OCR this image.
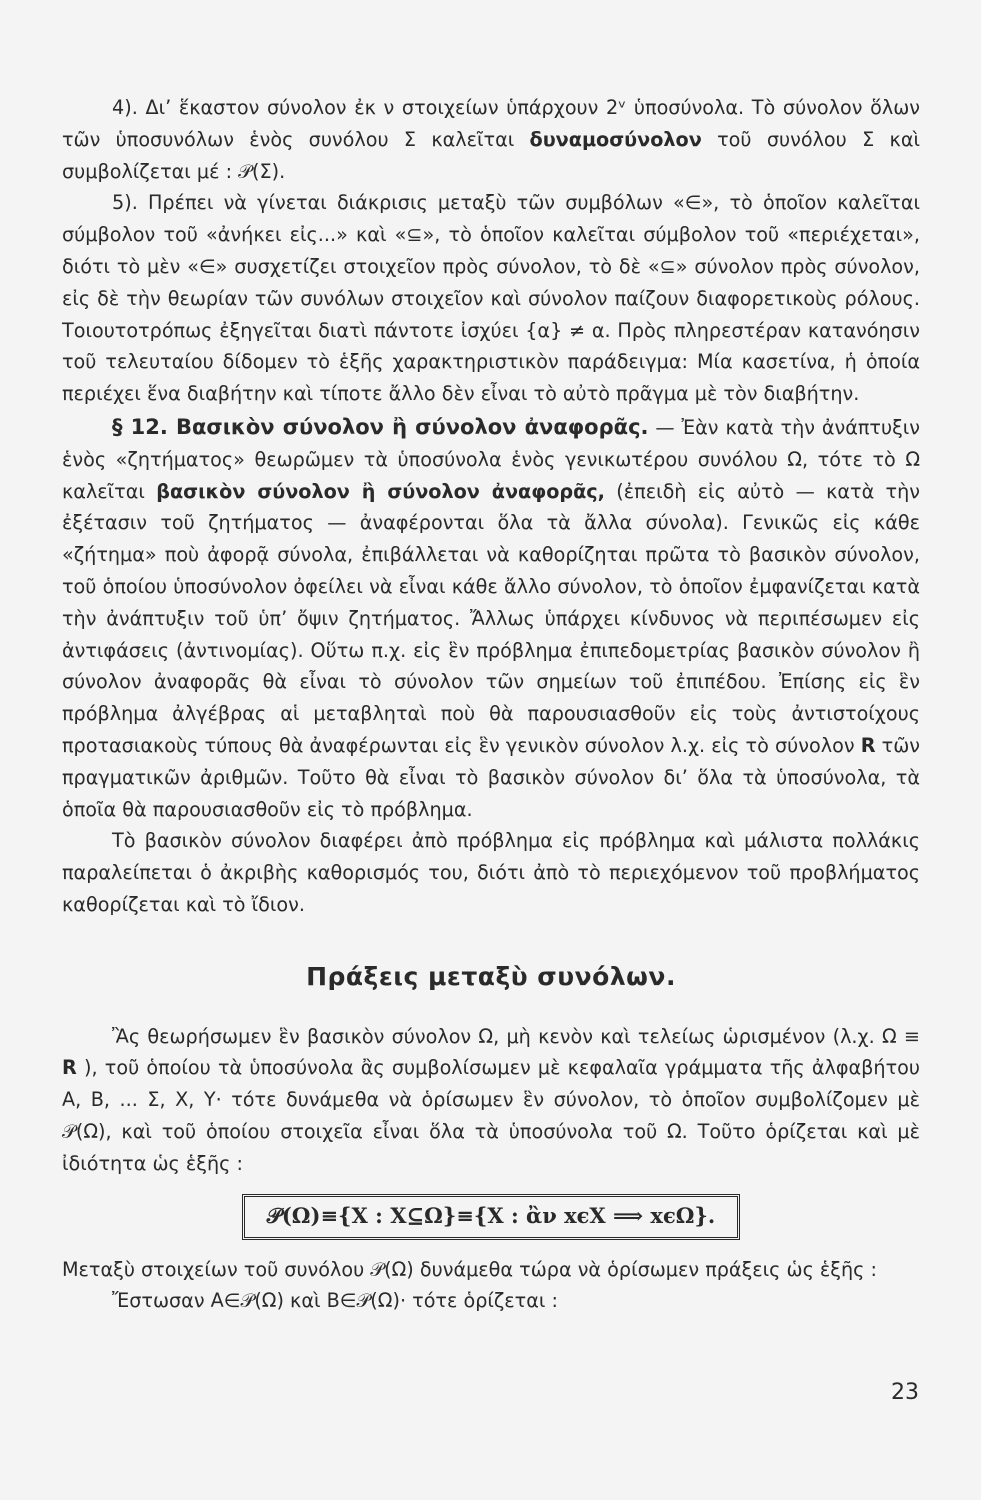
4). Δι’ ἕκαστον σύνολον ἐκ ν στοιχείων ὑπάρχουν 2ᵛ ὑποσύνολα. Τὸ σύνολον ὅλων τῶν ὑποσυνόλων ἑνὸς συνόλου Σ καλεῖται δυναμοσύνολον τοῦ συνόλου Σ καὶ συμβολίζεται μέ : 𝒫(Σ).

5). Πρέπει νὰ γίνεται διάκρισις μεταξὺ τῶν συμβόλων «∈», τὸ ὁποῖον καλεῖται σύμβολον τοῦ «ἀνήκει εἰς...» καὶ «⊆», τὸ ὁποῖον καλεῖται σύμβολον τοῦ «περιέχεται», διότι τὸ μὲν «∈» συσχετίζει στοιχεῖον πρὸς σύνολον, τὸ δὲ «⊆» σύνολον πρὸς σύνολον, εἰς δὲ τὴν θεωρίαν τῶν συνόλων στοιχεῖον καὶ σύνολον παίζουν διαφορετικοὺς ρόλους. Τοιουτοτρόπως ἐξηγεῖται διατὶ πάντοτε ἰσχύει {α} ≠ α. Πρὸς πληρεστέραν κατανόησιν τοῦ τελευταίου δίδομεν τὸ ἑξῆς χαρακτηριστικὸν παράδειγμα: Μία κασετίνα, ἡ ὁποία περιέχει ἕνα διαβήτην καὶ τίποτε ἄλλο δὲν εἶναι τὸ αὐτὸ πρᾶγμα μὲ τὸν διαβήτην.

§ 12. Βασικὸν σύνολον ἢ σύνολον ἀναφορᾶς. — Ἐὰν κατὰ τὴν ἀνάπτυξιν ἑνὸς «ζητήματος» θεωρῶμεν τὰ ὑποσύνολα ἑνὸς γενικωτέρου συνόλου Ω, τότε τὸ Ω καλεῖται βασικὸν σύνολον ἢ σύνολον ἀναφορᾶς, (ἐπειδὴ εἰς αὐτὸ — κατὰ τὴν ἐξέτασιν τοῦ ζητήματος — ἀναφέρονται ὅλα τὰ ἄλλα σύνολα). Γενικῶς εἰς κάθε «ζήτημα» ποὺ ἀφορᾷ σύνολα, ἐπιβάλλεται νὰ καθορίζηται πρῶτα τὸ βασικὸν σύνολον, τοῦ ὁποίου ὑποσύνολον ὀφείλει νὰ εἶναι κάθε ἄλλο σύνολον, τὸ ὁποῖον ἐμφανίζεται κατὰ τὴν ἀνάπτυξιν τοῦ ὑπ’ ὄψιν ζητήματος. Ἄλλως ὑπάρχει κίνδυνος νὰ περιπέσωμεν εἰς ἀντιφάσεις (ἀντινομίας). Οὕτω π.χ. εἰς ἓν πρόβλημα ἐπιπεδομετρίας βασικὸν σύνολον ἢ σύνολον ἀναφορᾶς θὰ εἶναι τὸ σύνολον τῶν σημείων τοῦ ἐπιπέδου. Ἐπίσης εἰς ἓν πρόβλημα ἀλγέβρας αἱ μεταβληταὶ ποὺ θὰ παρουσιασθοῦν εἰς τοὺς ἀντιστοίχους προτασιακοὺς τύπους θὰ ἀναφέρωνται εἰς ἓν γενικὸν σύνολον λ.χ. εἰς τὸ σύνολον R τῶν πραγματικῶν ἀριθμῶν. Τοῦτο θὰ εἶναι τὸ βασικὸν σύνολον δι’ ὅλα τὰ ὑποσύνολα, τὰ ὁποῖα θὰ παρουσιασθοῦν εἰς τὸ πρόβλημα.

Τὸ βασικὸν σύνολον διαφέρει ἀπὸ πρόβλημα εἰς πρόβλημα καὶ μάλιστα πολλάκις παραλείπεται ὁ ἀκριβὴς καθορισμός του, διότι ἀπὸ τὸ περιεχόμενον τοῦ προβλήματος καθορίζεται καὶ τὸ ἴδιον.

Πράξεις μεταξὺ συνόλων.

Ἂς θεωρήσωμεν ἓν βασικὸν σύνολον Ω, μὴ κενὸν καὶ τελείως ὡρισμένον (λ.χ. Ω ≡ R ), τοῦ ὁποίου τὰ ὑποσύνολα ἂς συμβολίσωμεν μὲ κεφαλαῖα γράμματα τῆς ἀλφαβήτου Α, Β, ... Σ, Χ, Υ· τότε δυνάμεθα νὰ ὁρίσωμεν ἓν σύνολον, τὸ ὁποῖον συμβολίζομεν μὲ 𝒫(Ω), καὶ τοῦ ὁποίου στοιχεῖα εἶναι ὅλα τὰ ὑποσύνολα τοῦ Ω. Τοῦτο ὁρίζεται καὶ μὲ ἰδιότητα ὡς ἑξῆς :

𝒫(Ω)≡{Χ : Χ⊆Ω}≡{Χ : ἂν xϵΧ ⟹ xϵΩ}.

Μεταξὺ στοιχείων τοῦ συνόλου 𝒫(Ω) δυνάμεθα τώρα νὰ ὁρίσωμεν πράξεις ὡς ἑξῆς :

Ἔστωσαν Α∈𝒫(Ω) καὶ Β∈𝒫(Ω)· τότε ὁρίζεται :

23
